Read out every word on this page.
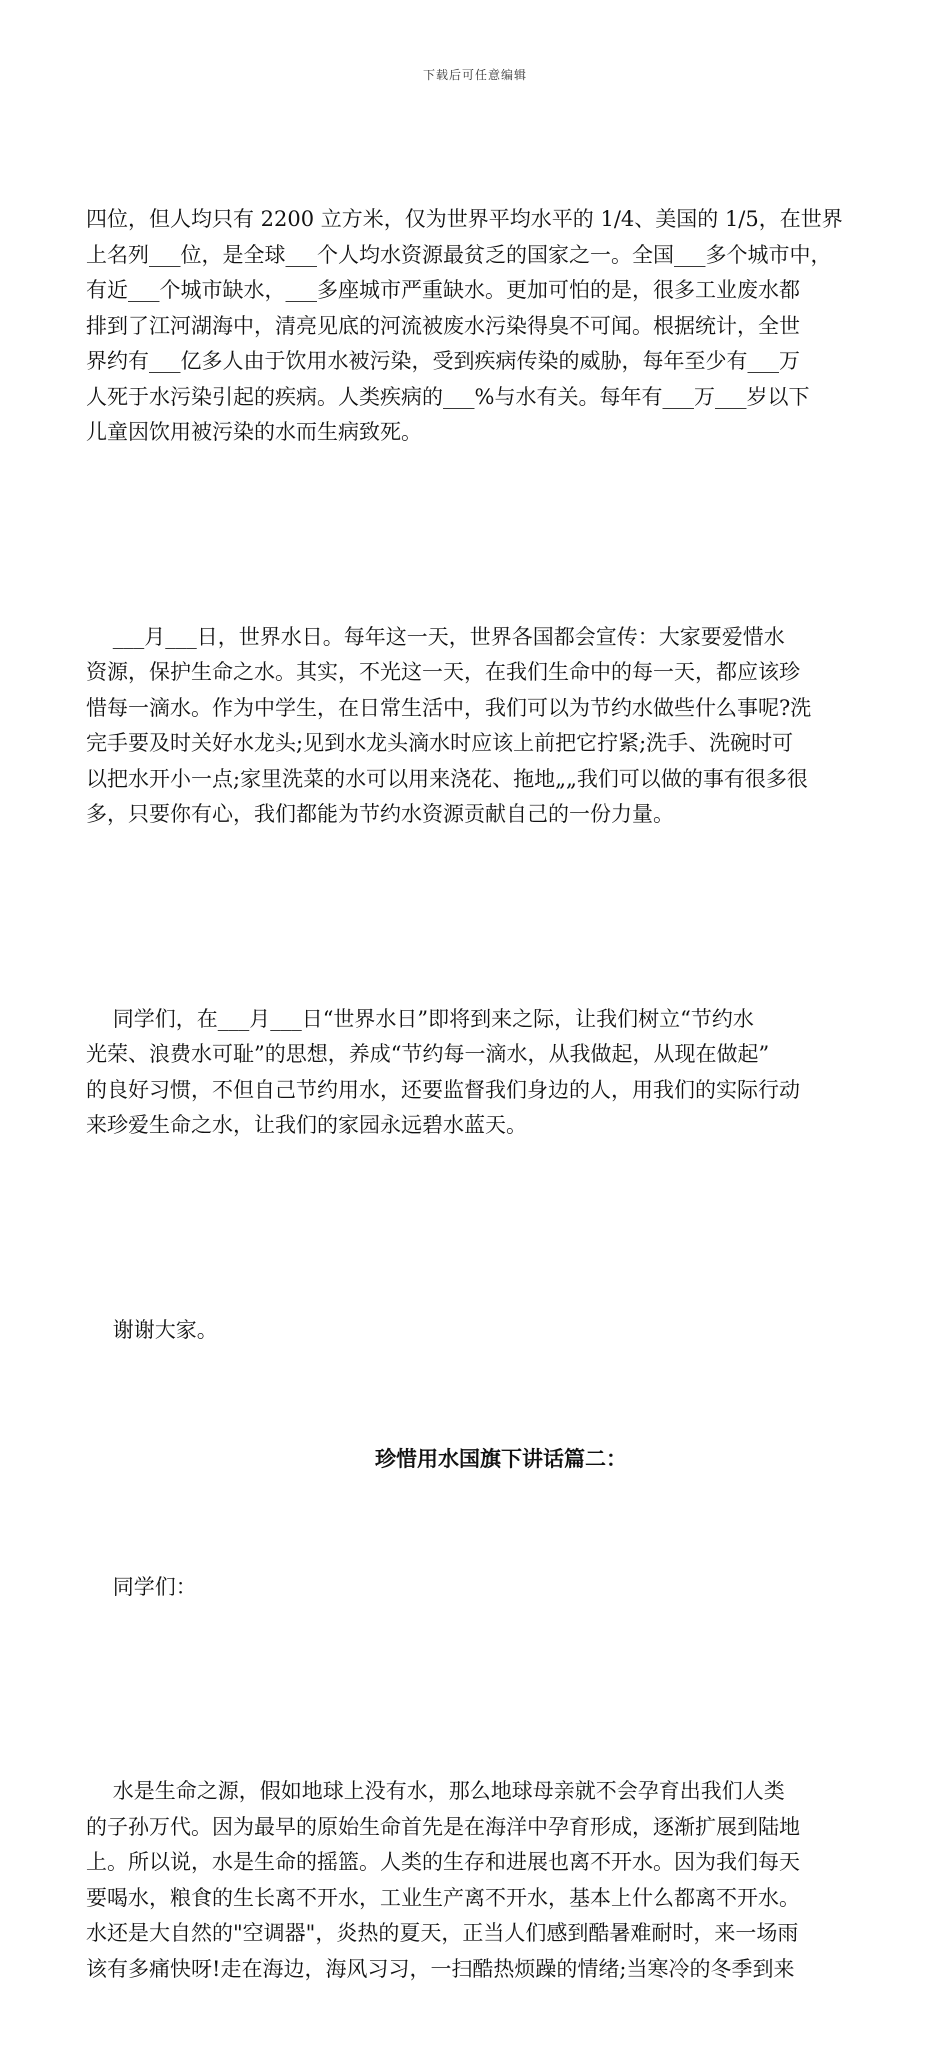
下载后可任意编辑

四位，但人均只有 2200 立方米，仅为世界平均水平的 1/4、美国的 1/5，在世界
上名列___位，是全球___个人均水资源最贫乏的国家之一。全国___多个城市中，
有近___个城市缺水，___多座城市严重缺水。更加可怕的是，很多工业废水都
排到了江河湖海中，清亮见底的河流被废水污染得臭不可闻。根据统计，全世
界约有___亿多人由于饮用水被污染，受到疾病传染的威胁，每年至少有___万
人死于水污染引起的疾病。人类疾病的___%与水有关。每年有___万___岁以下
儿童因饮用被污染的水而生病致死。

___月___日，世界水日。每年这一天，世界各国都会宣传：大家要爱惜水
资源，保护生命之水。其实，不光这一天，在我们生命中的每一天，都应该珍
惜每一滴水。作为中学生，在日常生活中，我们可以为节约水做些什么事呢?洗
完手要及时关好水龙头;见到水龙头滴水时应该上前把它拧紧;洗手、洗碗时可
以把水开小一点;家里洗菜的水可以用来浇花、拖地„„我们可以做的事有很多很
多，只要你有心，我们都能为节约水资源贡献自己的一份力量。

同学们，在___月___日“世界水日”即将到来之际，让我们树立“节约水
光荣、浪费水可耻”的思想，养成“节约每一滴水，从我做起，从现在做起”
的良好习惯，不但自己节约用水，还要监督我们身边的人，用我们的实际行动
来珍爱生命之水，让我们的家园永远碧水蓝天。

谢谢大家。

珍惜用水国旗下讲话篇二：

同学们：

水是生命之源，假如地球上没有水，那么地球母亲就不会孕育出我们人类
的子孙万代。因为最早的原始生命首先是在海洋中孕育形成，逐渐扩展到陆地
上。所以说，水是生命的摇篮。人类的生存和进展也离不开水。因为我们每天
要喝水，粮食的生长离不开水，工业生产离不开水，基本上什么都离不开水。
水还是大自然的"空调器"，炎热的夏天，正当人们感到酷暑难耐时，来一场雨
该有多痛快呀!走在海边，海风习习，一扫酷热烦躁的情绪;当寒冷的冬季到来
